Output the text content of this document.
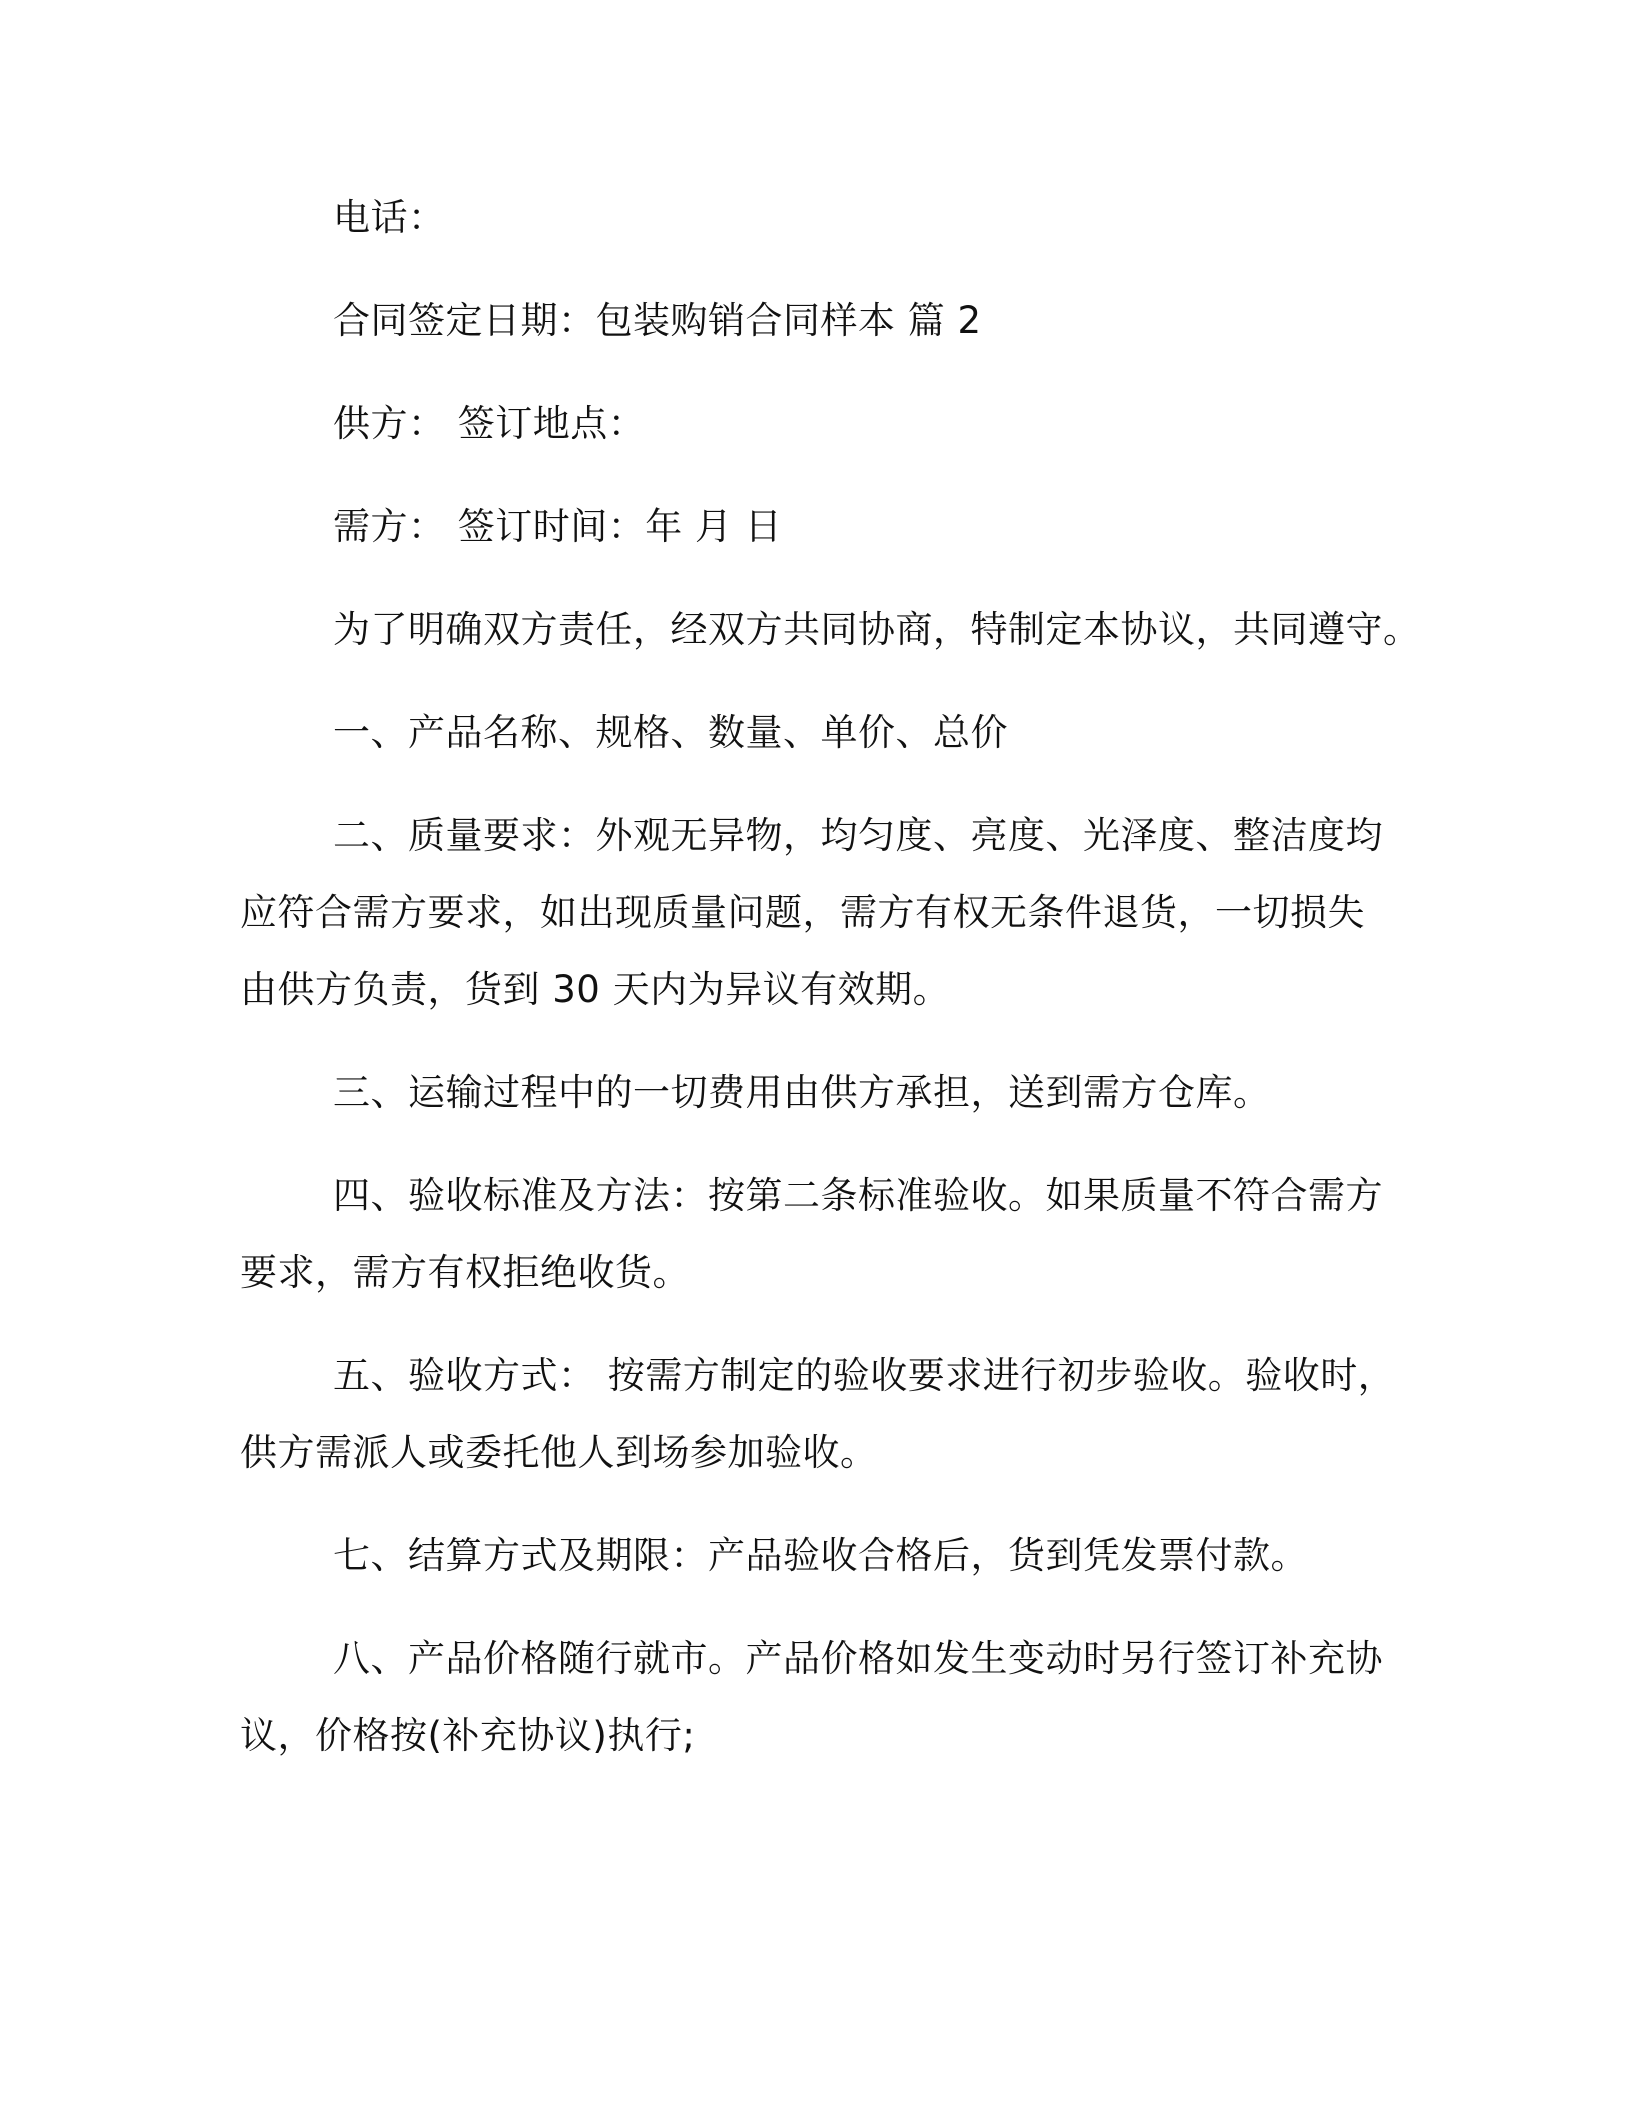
电话：
合同签定日期：包装购销合同样本 篇 2
供方： 签订地点：
需方： 签订时间：年 月 日
为了明确双方责任，经双方共同协商，特制定本协议，共同遵守。
一、产品名称、规格、数量、单价、总价
二、质量要求：外观无异物，均匀度、亮度、光泽度、整洁度均
应符合需方要求，如出现质量问题，需方有权无条件退货，一切损失
由供方负责，货到 30 天内为异议有效期。
三、运输过程中的一切费用由供方承担，送到需方仓库。
四、验收标准及方法：按第二条标准验收。如果质量不符合需方
要求，需方有权拒绝收货。
五、验收方式： 按需方制定的验收要求进行初步验收。验收时，
供方需派人或委托他人到场参加验收。
七、结算方式及期限：产品验收合格后，货到凭发票付款。
八、产品价格随行就市。产品价格如发生变动时另行签订补充协
议，价格按(补充协议)执行;
